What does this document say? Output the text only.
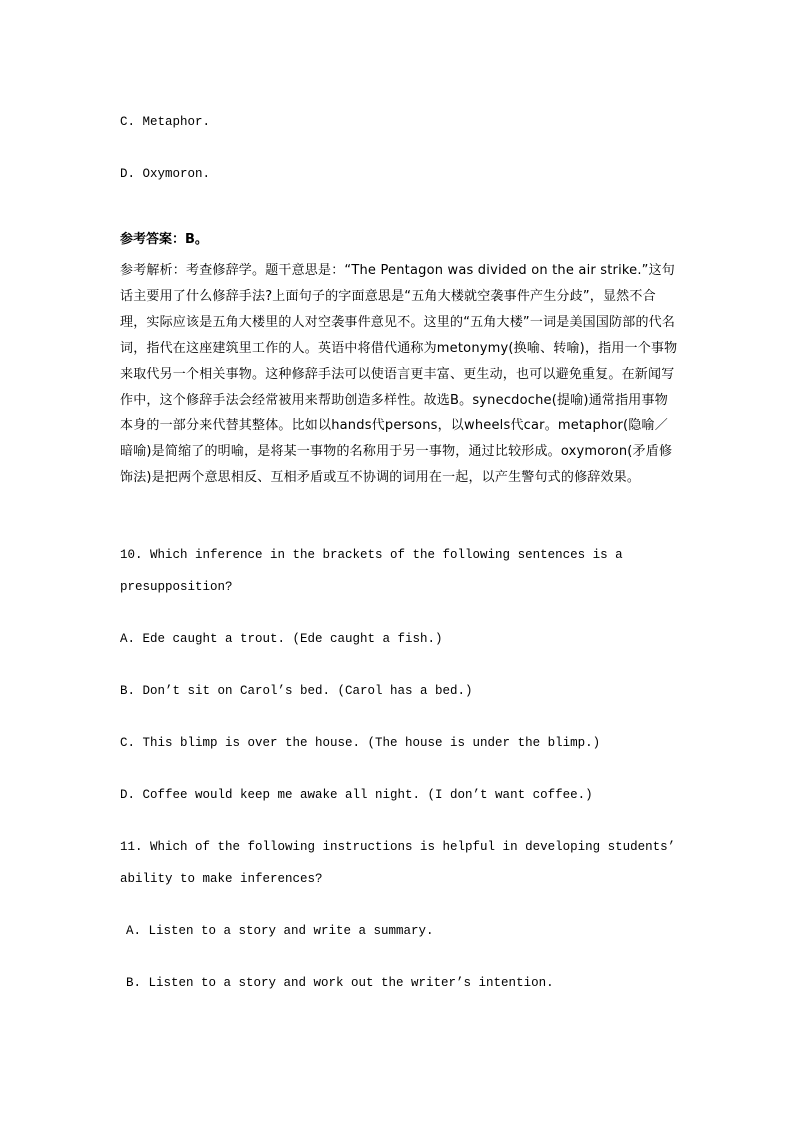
C. Metaphor.
D. Oxymoron.
参考答案：B。
参考解析：考查修辞学。题干意思是：“The Pentagon was divided on the air strike.”这句话主要用了什么修辞手法?上面句子的字面意思是“五角大楼就空袭事件产生分歧”，显然不合理，实际应该是五角大楼里的人对空袭事件意见不。这里的“五角大楼”一词是美国国防部的代名词，指代在这座建筑里工作的人。英语中将借代通称为metonymy(换喻、转喻)，指用一个事物来取代另一个相关事物。这种修辞手法可以使语言更丰富、更生动，也可以避免重复。在新闻写作中，这个修辞手法会经常被用来帮助创造多样性。故选B。synecdoche(提喻)通常指用事物本身的一部分来代替其整体。比如以hands代persons，以wheels代car。metaphor(隐喻／暗喻)是简缩了的明喻，是将某一事物的名称用于另一事物，通过比较形成。oxymoron(矛盾修饰法)是把两个意思相反、互相矛盾或互不协调的词用在一起，以产生警句式的修辞效果。
10. Which inference in the brackets of the following sentences is a
presupposition?
A. Ede caught a trout. (Ede caught a fish.)
B. Don’t sit on Carol’s bed. (Carol has a bed.)
C. This blimp is over the house. (The house is under the blimp.)
D. Coffee would keep me awake all night. (I don’t want coffee.)
11. Which of the following instructions is helpful in developing students’
ability to make inferences?
A. Listen to a story and write a summary.
B. Listen to a story and work out the writer’s intention.
